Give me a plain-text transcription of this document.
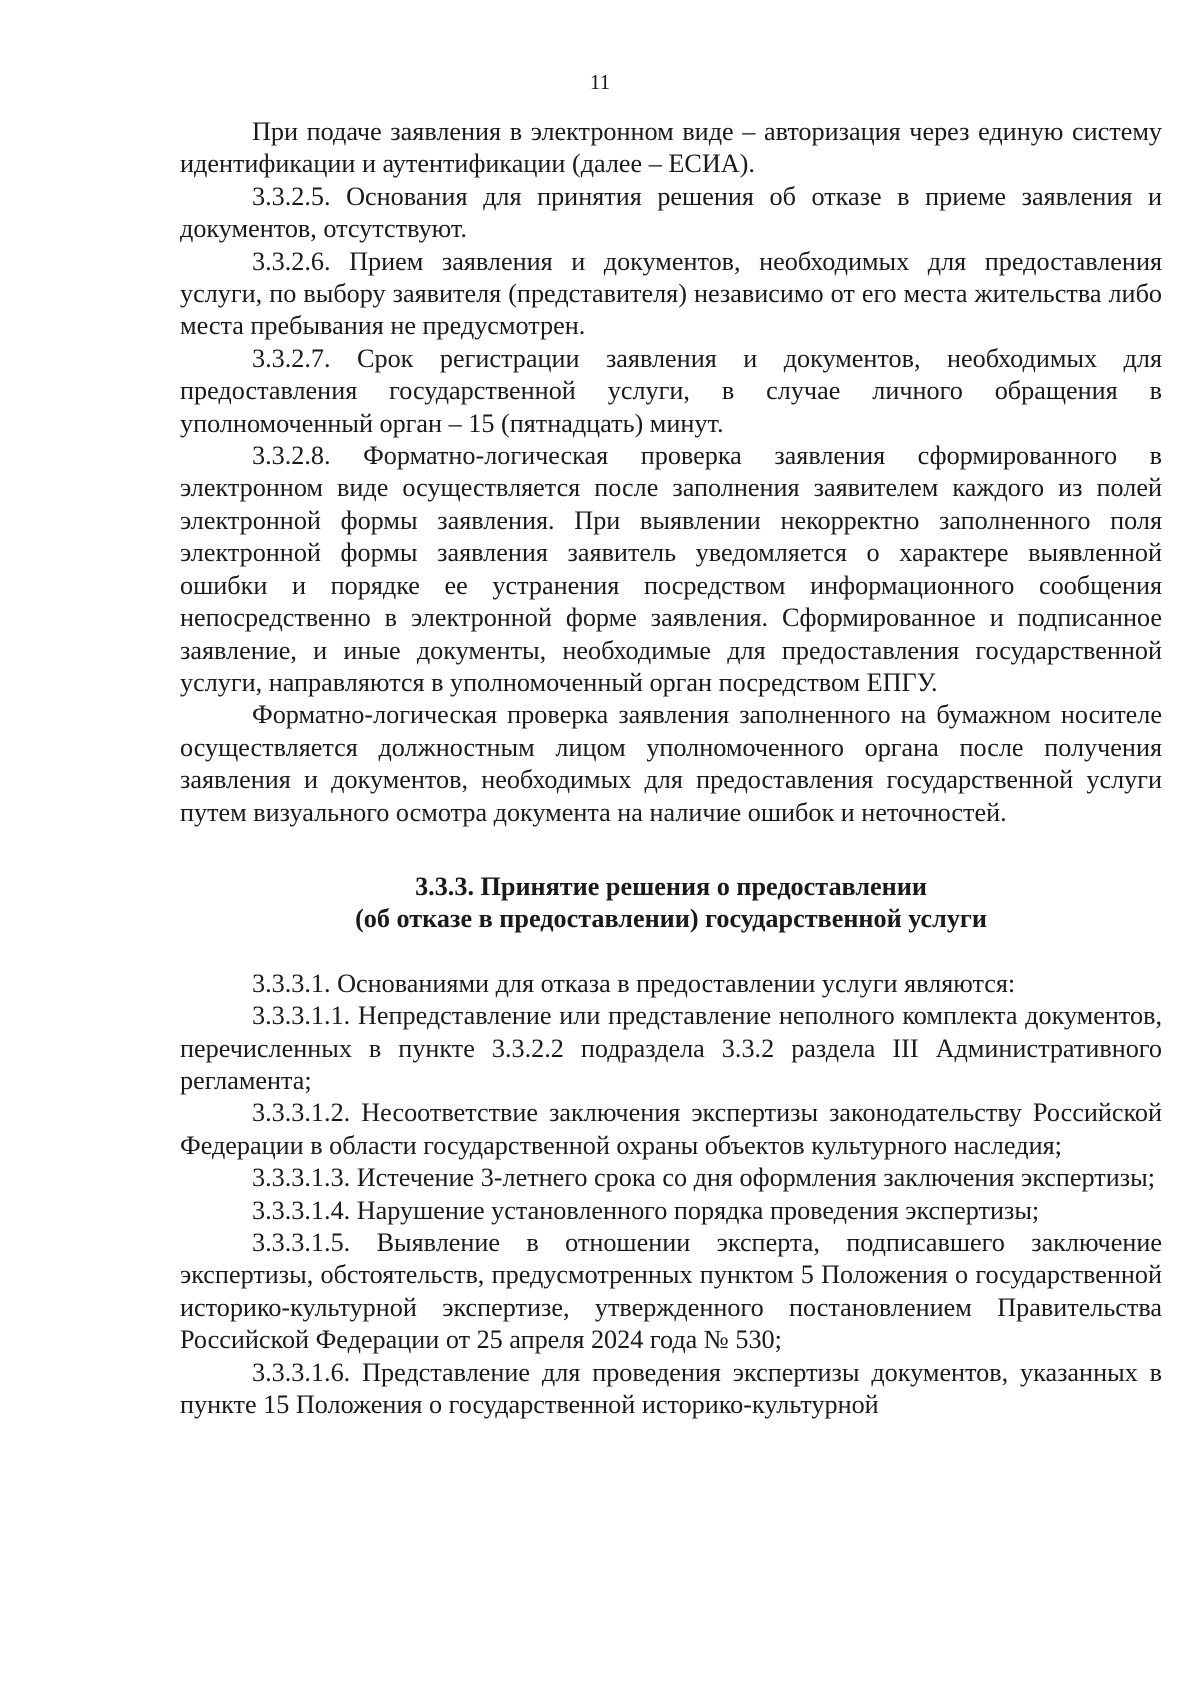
11

При подаче заявления в электронном виде – авторизация через единую систему идентификации и аутентификации (далее – ЕСИА).

3.3.2.5. Основания для принятия решения об отказе в приеме заявления и документов, отсутствуют.

3.3.2.6. Прием заявления и документов, необходимых для предоставления услуги, по выбору заявителя (представителя) независимо от его места жительства либо места пребывания не предусмотрен.

3.3.2.7. Срок регистрации заявления и документов, необходимых для предоставления государственной услуги, в случае личного обращения в уполномоченный орган – 15 (пятнадцать) минут.

3.3.2.8. Форматно-логическая проверка заявления сформированного в электронном виде осуществляется после заполнения заявителем каждого из полей электронной формы заявления. При выявлении некорректно заполненного поля электронной формы заявления заявитель уведомляется о характере выявленной ошибки и порядке ее устранения посредством информационного сообщения непосредственно в электронной форме заявления. Сформированное и подписанное заявление, и иные документы, необходимые для предоставления государственной услуги, направляются в уполномоченный орган посредством ЕПГУ.

Форматно-логическая проверка заявления заполненного на бумажном носителе осуществляется должностным лицом уполномоченного органа после получения заявления и документов, необходимых для предоставления государственной услуги путем визуального осмотра документа на наличие ошибок и неточностей.

3.3.3. Принятие решения о предоставлении
(об отказе в предоставлении) государственной услуги

3.3.3.1. Основаниями для отказа в предоставлении услуги являются:

3.3.3.1.1. Непредставление или представление неполного комплекта документов, перечисленных в пункте 3.3.2.2 подраздела 3.3.2 раздела III Административного регламента;

3.3.3.1.2. Несоответствие заключения экспертизы законодательству Российской Федерации в области государственной охраны объектов культурного наследия;

3.3.3.1.3. Истечение 3-летнего срока со дня оформления заключения экспертизы;

3.3.3.1.4. Нарушение установленного порядка проведения экспертизы;

3.3.3.1.5. Выявление в отношении эксперта, подписавшего заключение экспертизы, обстоятельств, предусмотренных пунктом 5 Положения о государственной историко-культурной экспертизе, утвержденного постановлением Правительства Российской Федерации от 25 апреля 2024 года № 530;

3.3.3.1.6. Представление для проведения экспертизы документов, указанных в пункте 15 Положения о государственной историко-культурной
